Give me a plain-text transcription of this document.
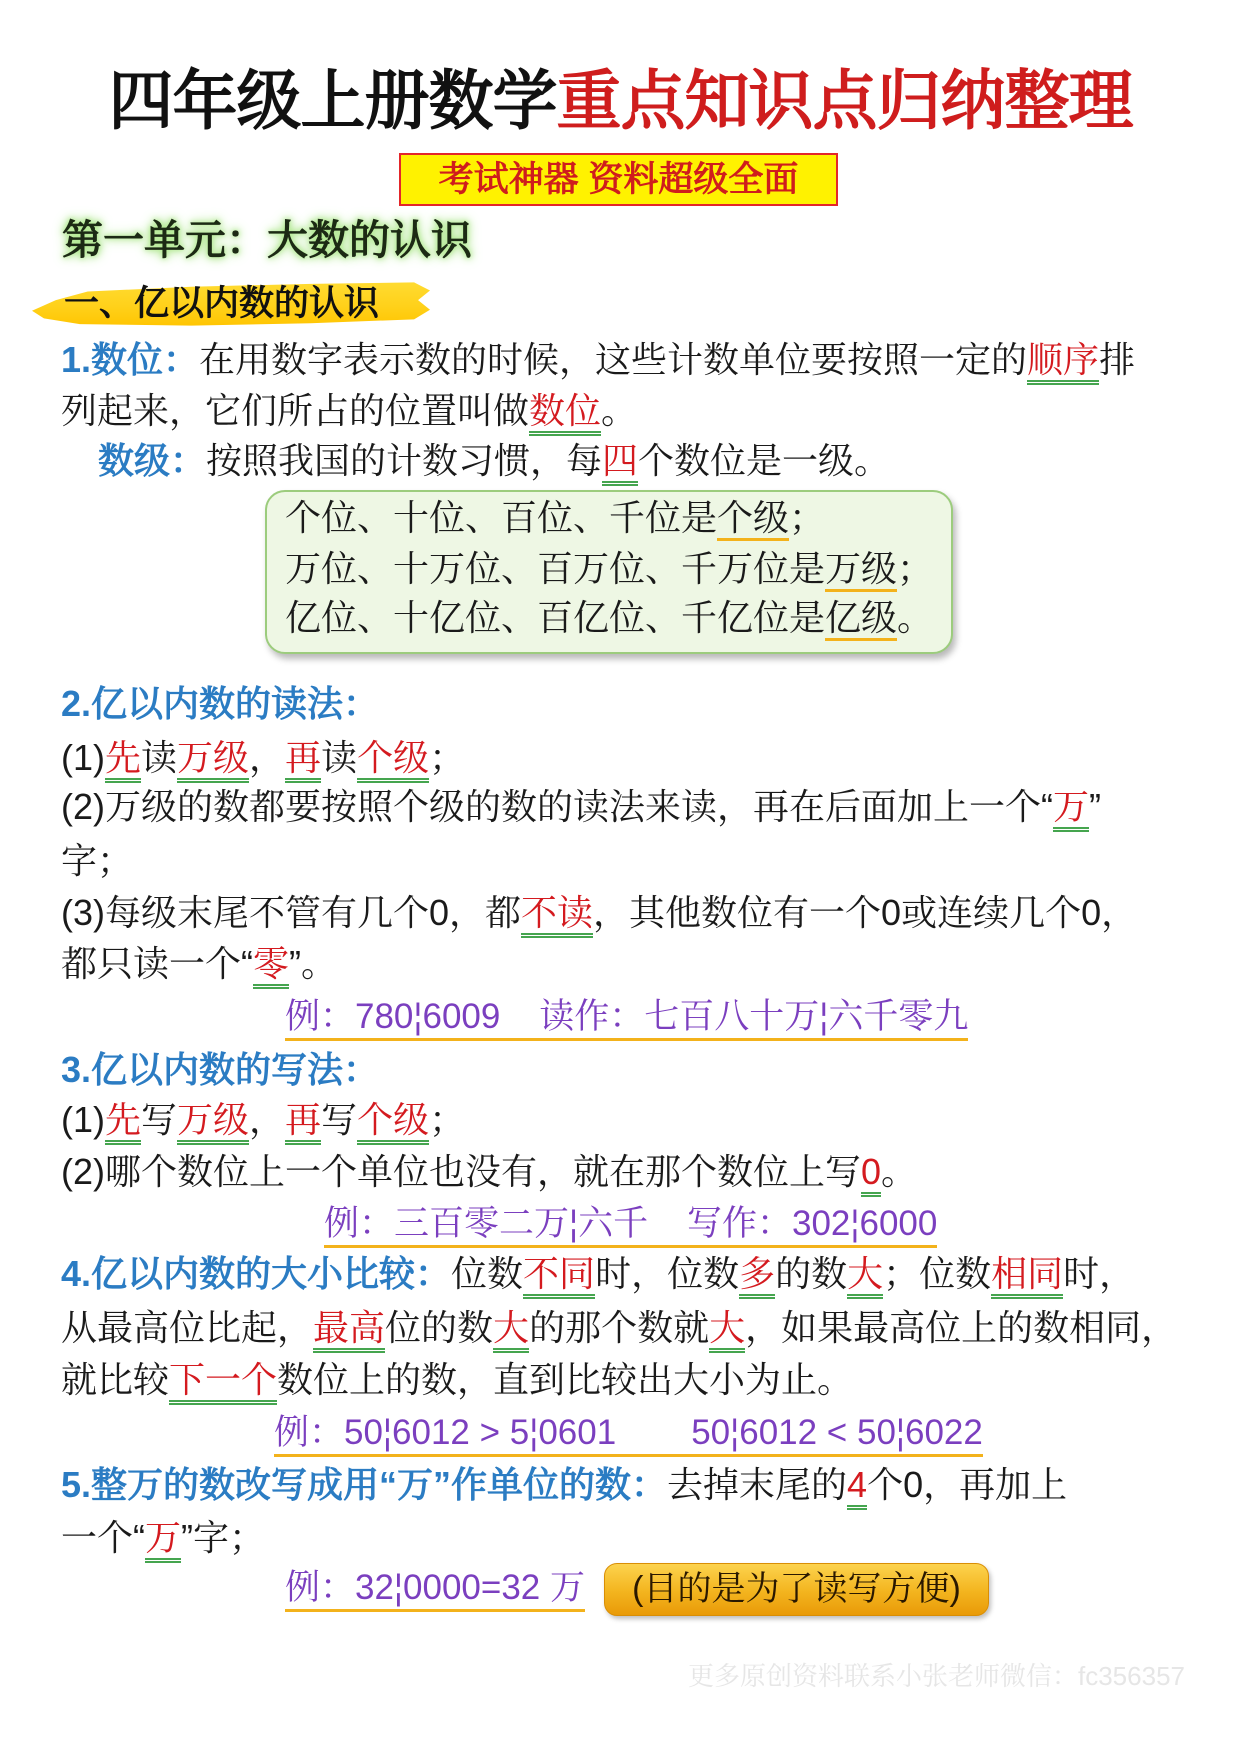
四年级上册数学重点知识点归纳整理
考试神器 资料超级全面
第一单元：大数的认识
一、亿以内数的认识
1.数位：在用数字表示数的时候，这些计数单位要按照一定的顺序排
列起来，它们所占的位置叫做数位。
数级：按照我国的计数习惯，每四个数位是一级。
个位、十位、百位、千位是个级；
万位、十万位、百万位、千万位是万级；
亿位、十亿位、百亿位、千亿位是亿级。
2.亿以内数的读法：
(1)先读万级，再读个级；
(2)万级的数都要按照个级的数的读法来读，再在后面加上一个“万”
字；
(3)每级末尾不管有几个0，都不读，其他数位有一个0或连续几个0，
都只读一个“零”。
例：780¦6009    读作：七百八十万¦六千零九
3.亿以内数的写法：
(1)先写万级，再写个级；
(2)哪个数位上一个单位也没有，就在那个数位上写0。
例：三百零二万¦六千    写作：302¦6000
4.亿以内数的大小比较：位数不同时，位数多的数大；位数相同时，
从最高位比起，最高位的数大的那个数就大，如果最高位上的数相同，
就比较下一个数位上的数，直到比较出大小为止。
例：50¦6012 > 5¦0601 50¦6012 < 50¦6022
5.整万的数改写成用“万”作单位的数：去掉末尾的4个0，再加上
一个“万”字；
例：32¦0000=32 万	(目的是为了读写方便)
更多原创资料联系小张老师微信：fc356357
